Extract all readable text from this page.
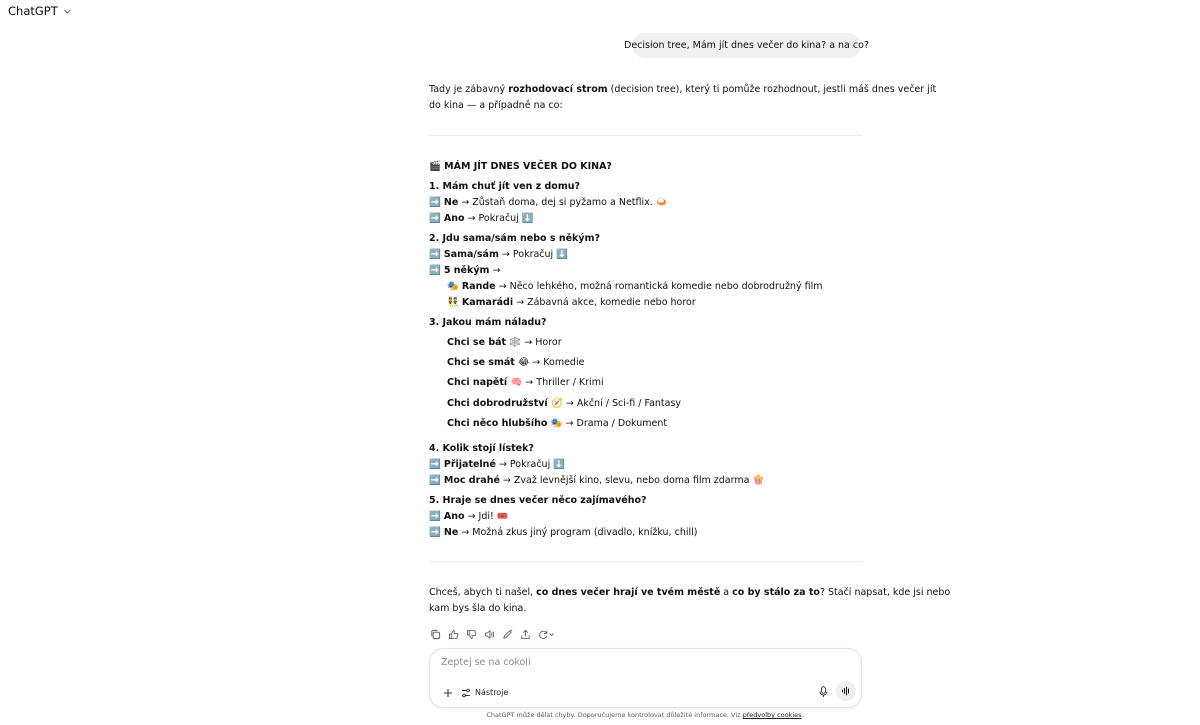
ChatGPT
Decision tree, Mám jít dnes večer do kina? a na co?
Tady je zábavný rozhodovací strom (decision tree), který ti pomůže rozhodnout, jestli máš dnes večer jít
do kina — a případně na co:
🎬 MÁM JÍT DNES VEČER DO KINA?
1. Mám chuť jít ven z domu?
➡️ Ne → Zůstaň doma, dej si pyžamo a Netflix. 🍛
➡️ Ano → Pokračuj ⬇️
2. Jdu sama/sám nebo s někým?
➡️ Sama/sám → Pokračuj ⬇️
➡️ 5 někým →
🎭 Rande → Něco lehkého, možná romantická komedie nebo dobrodružný film
👯 Kamarádi → Zábavná akce, komedie nebo horor
3. Jakou mám náladu?
Chci se bát 🕸️ → Horor
Chci se smát 😂 → Komedie
Chci napětí 🧠 → Thriller / Krimi
Chci dobrodružství 🧭 → Akční / Sci-fi / Fantasy
Chci něco hlubšího 🎭 → Drama / Dokument
4. Kolik stojí lístek?
➡️ Přijatelné → Pokračuj ⬇️
➡️ Moc drahé → Zvaž levnější kino, slevu, nebo doma film zdarma 🍿
5. Hraje se dnes večer něco zajímavého?
➡️ Ano → Jdi! 🎟️
➡️ Ne → Možná zkus jiný program (divadlo, knížku, chill)
Chceš, abych ti našel, co dnes večer hrají ve tvém městě a co by stálo za to? Stačí napsat, kde jsi nebo
kam bys šla do kina.
Zeptej se na cokoli
Nástroje
ChatGPT může dělat chyby. Doporučujeme kontrolovat důležité informace. Viz předvolby cookies.
